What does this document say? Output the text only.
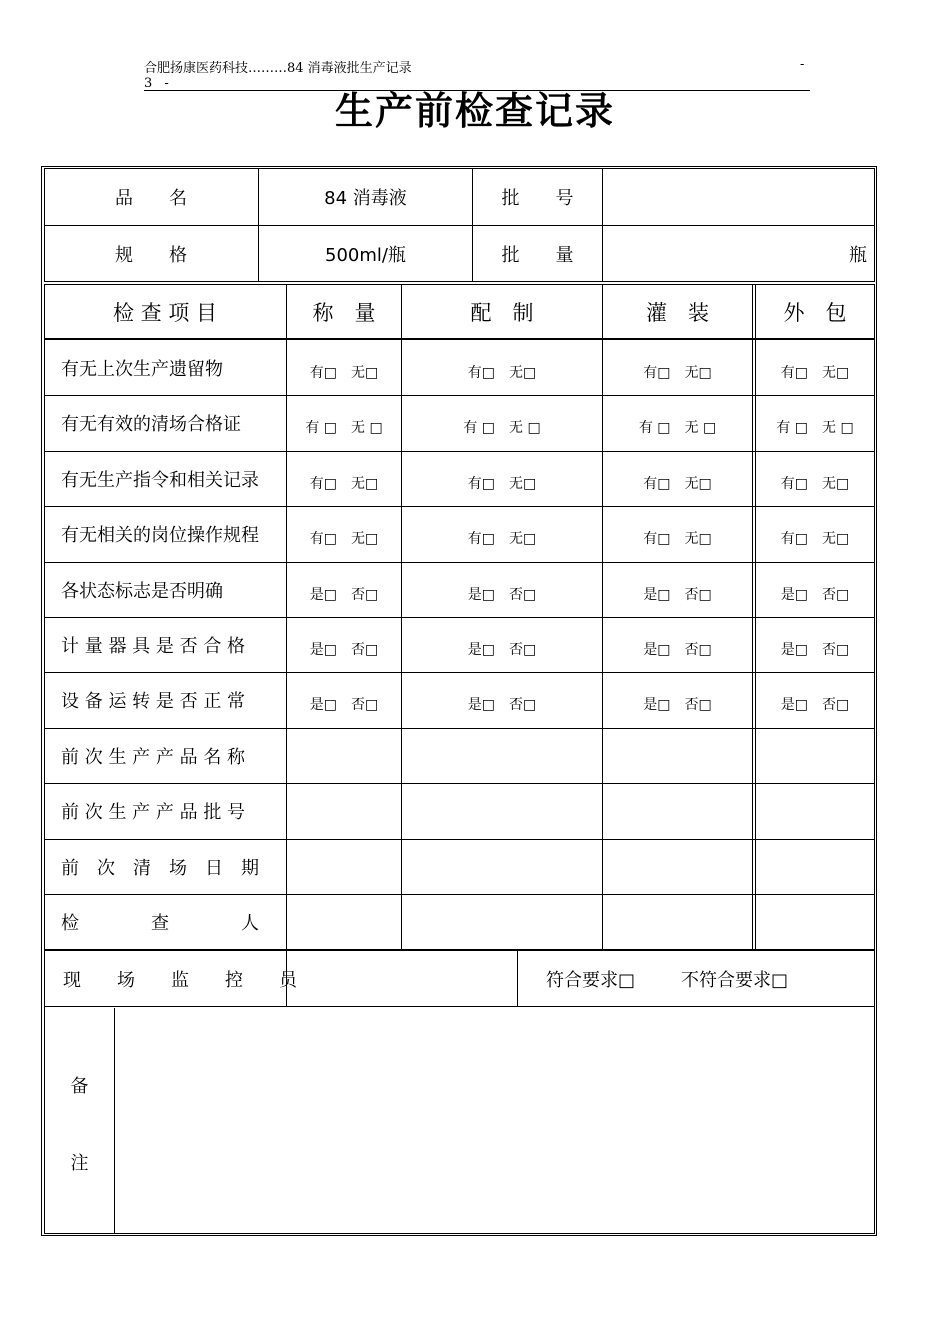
合肥扬康医药科技………84 消毒液批生产记录	-
3 -
生产前检查记录
品　　名	84 消毒液	批　　号
规　　格	500ml/瓶	批　　量	瓶
检 查 项 目	称　量	配　制	灌　装	外　包
有无上次生产遗留物	有□　无□	有□　无□	有□　无□	有□　无□
有无有效的清场合格证	有 □　无 □	有 □　无 □	有 □　无 □	有 □　无 □
有无生产指令和相关记录	有□　无□	有□　无□	有□　无□	有□　无□
有无相关的岗位操作规程	有□　无□	有□　无□	有□　无□	有□　无□
各状态标志是否明确	是□　否□	是□　否□	是□　否□	是□　否□
计 量 器 具 是 否 合 格	是□　否□	是□　否□	是□　否□	是□　否□
设 备 运 转 是 否 正 常	是□　否□	是□　否□	是□　否□	是□　否□
前 次 生 产 产 品 名 称
前 次 生 产 产 品 批 号
前　次　清　场　日　期
检　　　　查　　　　人
现　　场　　监　　控　　员	符合要求□	不符合要求□
备
注
